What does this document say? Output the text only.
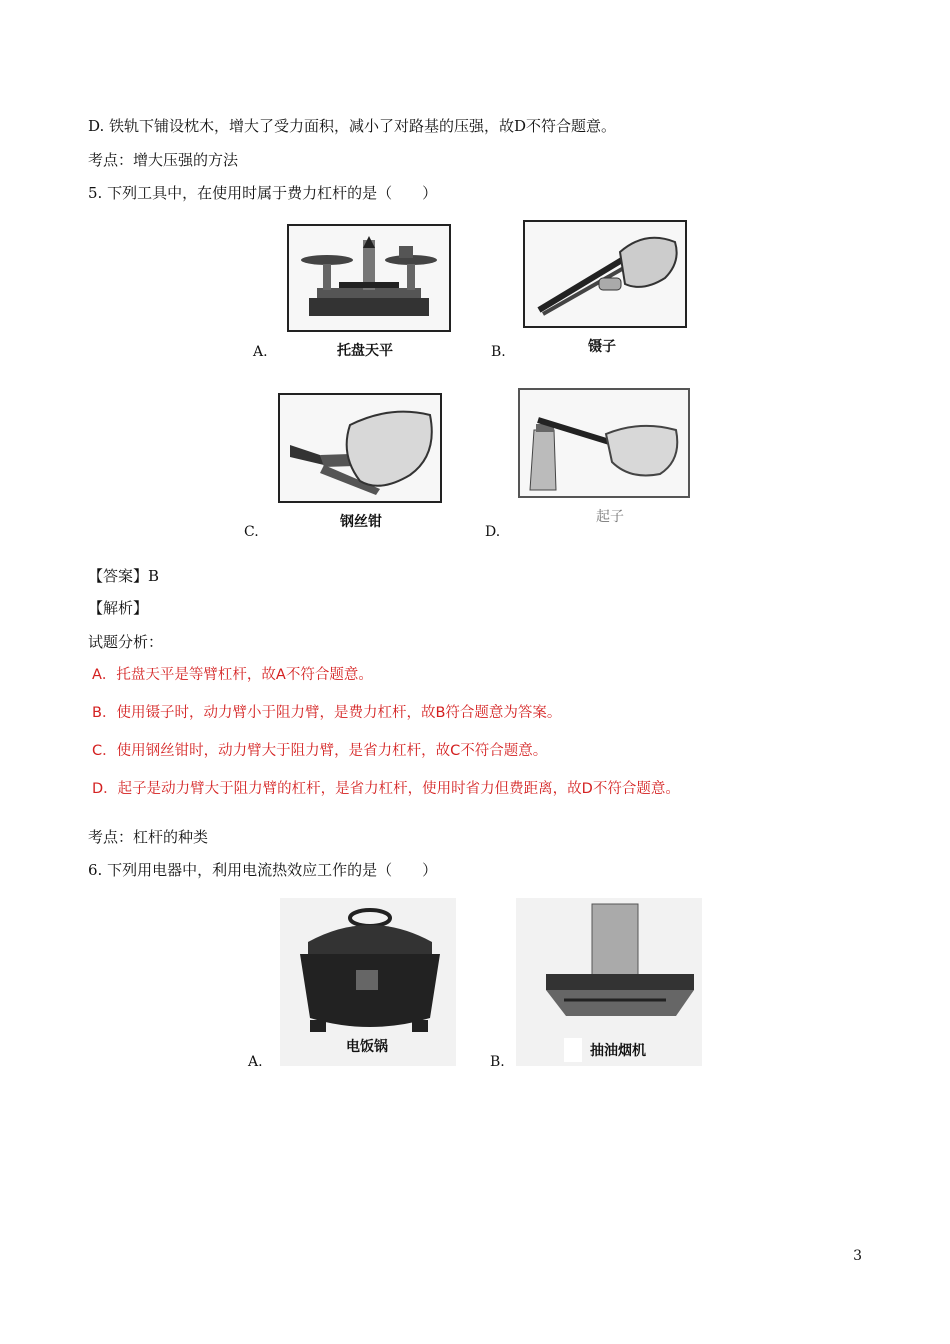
D. 铁轨下铺设枕木，增大了受力面积，减小了对路基的压强，故D不符合题意。
考点：增大压强的方法
5. 下列工具中，在使用时属于费力杠杆的是（　　）
托盘天平
A.	镊子
B.
钢丝钳
C.
起子
D.
【答案】B
【解析】
试题分析：
A．托盘天平是等臂杠杆，故A不符合题意。
B．使用镊子时，动力臂小于阻力臂，是费力杠杆，故B符合题意为答案。
C．使用钢丝钳时，动力臂大于阻力臂，是省力杠杆，故C不符合题意。
D．起子是动力臂大于阻力臂的杠杆，是省力杠杆，使用时省力但费距离，故D不符合题意。
考点：杠杆的种类
6. 下列用电器中，利用电流热效应工作的是（　　）
电饭锅
A.
抽油烟机
B.
3
